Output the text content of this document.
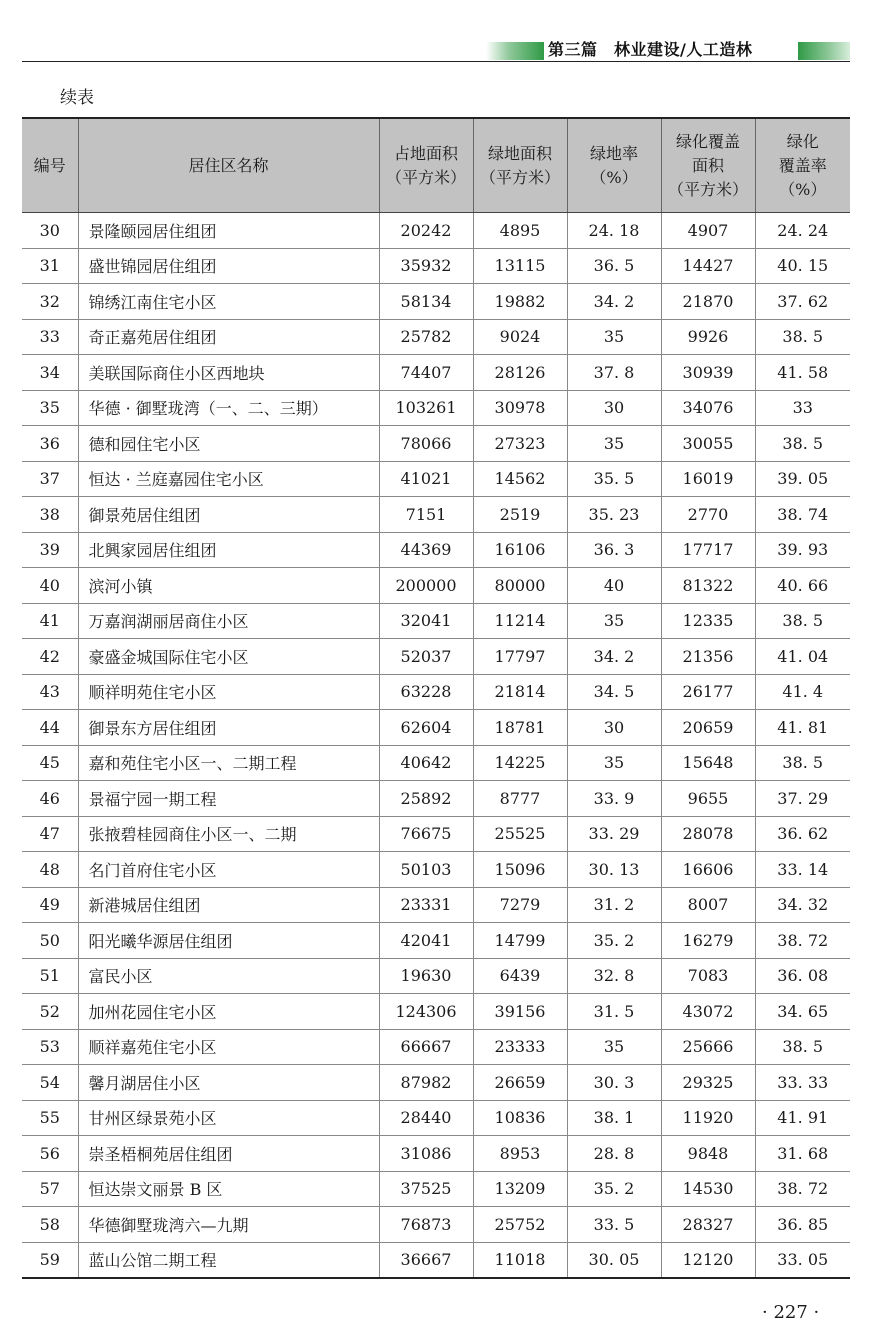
第三篇　林业建设/人工造林
续表
编号	居住区名称	占地面积
（平方米）	绿地面积
（平方米）	绿地率
（%）	绿化覆盖
面积
（平方米）	绿化
覆盖率
（%）
30	景隆颐园居住组团	20242	4895	24. 18	4907	24. 24
31	盛世锦园居住组团	35932	13115	36. 5	14427	40. 15
32	锦绣江南住宅小区	58134	19882	34. 2	21870	37. 62
33	奇正嘉苑居住组团	25782	9024	35	9926	38. 5
34	美联国际商住小区西地块	74407	28126	37. 8	30939	41. 58
35	华德 · 御墅珑湾（一、二、三期）	103261	30978	30	34076	33
36	德和园住宅小区	78066	27323	35	30055	38. 5
37	恒达 · 兰庭嘉园住宅小区	41021	14562	35. 5	16019	39. 05
38	御景苑居住组团	7151	2519	35. 23	2770	38. 74
39	北興家园居住组团	44369	16106	36. 3	17717	39. 93
40	滨河小镇	200000	80000	40	81322	40. 66
41	万嘉润湖丽居商住小区	32041	11214	35	12335	38. 5
42	豪盛金城国际住宅小区	52037	17797	34. 2	21356	41. 04
43	顺祥明苑住宅小区	63228	21814	34. 5	26177	41. 4
44	御景东方居住组团	62604	18781	30	20659	41. 81
45	嘉和苑住宅小区一、二期工程	40642	14225	35	15648	38. 5
46	景福宁园一期工程	25892	8777	33. 9	9655	37. 29
47	张掖碧桂园商住小区一、二期	76675	25525	33. 29	28078	36. 62
48	名门首府住宅小区	50103	15096	30. 13	16606	33. 14
49	新港城居住组团	23331	7279	31. 2	8007	34. 32
50	阳光曦华源居住组团	42041	14799	35. 2	16279	38. 72
51	富民小区	19630	6439	32. 8	7083	36. 08
52	加州花园住宅小区	124306	39156	31. 5	43072	34. 65
53	顺祥嘉苑住宅小区	66667	23333	35	25666	38. 5
54	馨月湖居住小区	87982	26659	30. 3	29325	33. 33
55	甘州区绿景苑小区	28440	10836	38. 1	11920	41. 91
56	崇圣梧桐苑居住组团	31086	8953	28. 8	9848	31. 68
57	恒达崇文丽景 B 区	37525	13209	35. 2	14530	38. 72
58	华德御墅珑湾六—九期	76873	25752	33. 5	28327	36. 85
59	蓝山公馆二期工程	36667	11018	30. 05	12120	33. 05
· 227 ·
